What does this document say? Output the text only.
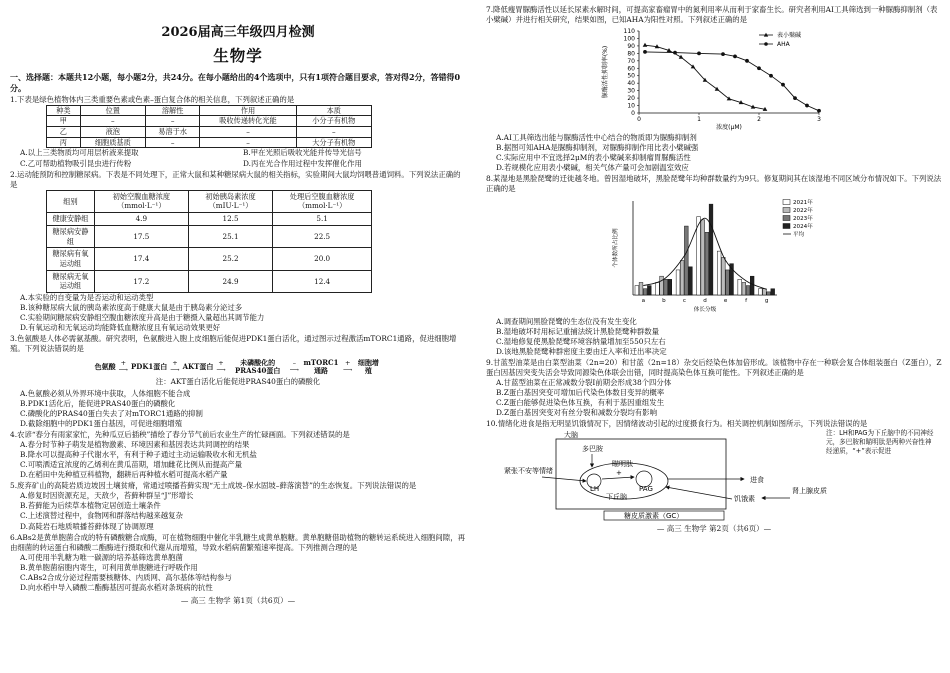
2026届高三年级四月检测
生物学

一、选择题：本题共12小题，每小题2分，共24分。在每小题给出的4个选项中，只有1项符合题目要求，答对得2分，答错得0分。

1.下表是绿色植物体内三类重要色素或色素–蛋白复合体的相关信息，下列叙述正确的是

种类	位置	溶解性	作用	本质
甲	–	–	吸收传递转化光能	小分子有机物
乙	液泡	易溶于水	–	–
丙	细胞质基质	–	–	大分子有机物
A.以上三类物质均可用层析液来提取	B.甲在光照后吸收光能并传导光信号
C.乙可帮助植物吸引昆虫进行传粉	D.丙在光合作用过程中发挥催化作用

2.运动能预防和控制糖尿病。下表是不同处理下，正常大鼠和某种糖尿病大鼠的相关指标，实验期间大鼠均饲喂普通饲料。下列说法正确的是

组别	初始空腹血糖浓度（mmol·L⁻¹）	初始胰岛素浓度（mIU·L⁻¹）	处理后空腹血糖浓度（mmol·L⁻¹）
健康安静组	4.9	12.5	5.1
糖尿病安静组	17.5	25.1	22.5
糖尿病有氧运动组	17.4	25.2	20.0
糖尿病无氧运动组	17.2	24.9	12.4

A.本实验的自变量为是否运动和运动类型

B.该种糖尿病大鼠的胰岛素浓度高于健康大鼠是由于胰岛素分泌过多

C.实验期间糖尿病安静组空腹血糖浓度升高是由于糖摄入量超出其调节能力

D.有氧运动和无氧运动均能降低血糖浓度且有氧运动效果更好

3.色氨酸是人体必需氨基酸。研究表明，色氨酸进入胞上皮细胞后能促进PDK1蛋白活化，通过图示过程激活mTORC1通路，促进细胞增殖。下列说法错误的是

色氨酸 +
⟶ PDK1蛋白 +
⟶ AKT蛋白 +
⟶
未磷酸化的PRAS40蛋白
–
⟶
mTORC1通路
+
⟶
细胞增殖

注：AKT蛋白活化后能促进PRAS40蛋白的磷酸化

A.色氨酸必须从外界环境中获取，人体细胞不能合成

B.PDK1活化后，能促进PRAS40蛋白的磷酸化

C.磷酸化的PRAS40蛋白失去了对mTORC1通路的抑制

D.截除细胞中的PDK1蛋白基因，可促进细胞增殖

4.农谚“春分有雨家家忙，先种瓜豆后插秧”描绘了春分节气前后农业生产的忙碌画面。下列叙述错误的是

A.春分时节种子萌发是植物激素、环境因素和基因表达共同调控的结果

B.降水可以提高种子代谢水平，有利于种子通过主动运输吸收水和无机盐

C.可喷洒适宜浓度的乙烯利在黄瓜苗期，增加雌花比例从而提高产量

D.在稻田中先种植豆科植物，翻耕后再种植水稻可提高水稻产量

5.废弃矿山的高陡岩质边坡因土壤贫瘠，常通过喷播苔藓实现“无土成坡–保水固坡–藓落演替”的生态恢复。下列说法错误的是

A.修复时因资源充足，天敌少，苔藓种群呈“J”形增长

B.苔藓能为后续草本植物定居创造土壤条件

C.上述演替过程中，食物网和群落结构越来越复杂

D.高陡岩石地质喷播苔藓体现了协调原理

6.ABs2是黄单胞菌合成的特有磷酸糖合成酶，可在植物细胞中催化半乳糖生成黄单胞糖。黄单胞糖借助植物的糖转运系统进入细胞间隙，再由细菌的转运蛋白和磷酸二酯酶进行摄取和代谢从而增殖，导致水稻病菌繁殖速率提高。下列推测合理的是

A.可使用半乳糖为唯一碳源的培养基筛选黄单胞菌

B.黄单胞菌宿胞内寄生，可利用黄单胞糖进行呼吸作用

C.ABs2合成分泌过程需要核糖体、内质网、高尔基体等结构参与

D.向水稻中导入磷酸二酯酶基因可提高水稻对条斑病的抗性

— 高三 生物学 第1页（共6页）—

7.降低瘦胃脲酶活性以延长尿素水解时间，可提高家畜瘤胃中的氮利用率从而利于家畜生长。研究者利用AI工具筛选到一种脲酶抑制剂（表小檗碱）并进行相关研究，结果如图，已知AHA为阳性对照。下列叙述正确的是

0
10
20
30
40
50
60
70
80
90
100
110
0	1	2	3
浓度(μM)
脲酶活性抑制率(%)
表小檗碱
AHA

A.AI工具筛选出能与脲酶活性中心结合的物质即为脲酶抑制剂

B.据图可知AHA是脲酶抑制剂，对脲酶抑制作用比表小檗碱强

C.实际应用中不宜选择2μM的表小檗碱来抑制瘤胃脲酶活性

D.若规模化应用表小檗碱，相关气体产量可会加剧温室效应

8.某湿地是黑脸琵鹭的迁徙越冬地。曾因湿地破坏，黑脸琵鹭年均种群数量约为9只。修复期间其在该湿地不同区域分布情况如下。下列说法正确的是

个体数所占比例
体长分级
a	b	c	d	e	f	g
2021年
2022年
2023年
2024年
平均

A.调查期间黑脸琵鹭的生态位没有发生变化

B.湿地破坏时用标记重捕法统计黑脸琵鹭种群数量

C.湿地修复使黑脸琵鹭环境容纳量增加至550只左右

D.该地黑脸琵鹭种群密度主要由迁入率和迁出率决定

9.甘蓝型油菜是由白菜型油菜（2n=20）和甘蓝（2n=18）杂交后经染色体加倍形成。该植物中存在一种联会复合体组装蛋白（Z蛋白），Z蛋白因基因突变失活会导致同源染色体联会出错，同时提高染色体互换可能性。下列叙述正确的是

A.甘蓝型油菜在正常减数分裂Ⅰ前期会形成38个四分体

B.Z蛋白基因突变可增加后代染色体数目变异的概率

C.Z蛋白能够促进染色体互换，有利于基因重组发生

D.Z蛋白基因突变对有丝分裂和减数分裂均有影响

10.情绪化进食是指无明显饥饿情况下，因情绪波动引起的过度摄食行为。相关调控机制如图所示，下列说法错误的是

大脑
多巴胺
瞄明肽
LH	PAG
+
下丘脑
紧张不安等情绪
进食
饥饿素
肾上腺皮质
糖皮质激素（GC）
注：LH和PAG为下丘脑中的不同神经元，多巴胺和瞄明肽是两种兴奋性神经递质，“+”表示促进
— 高三 生物学 第2页（共6页）—
